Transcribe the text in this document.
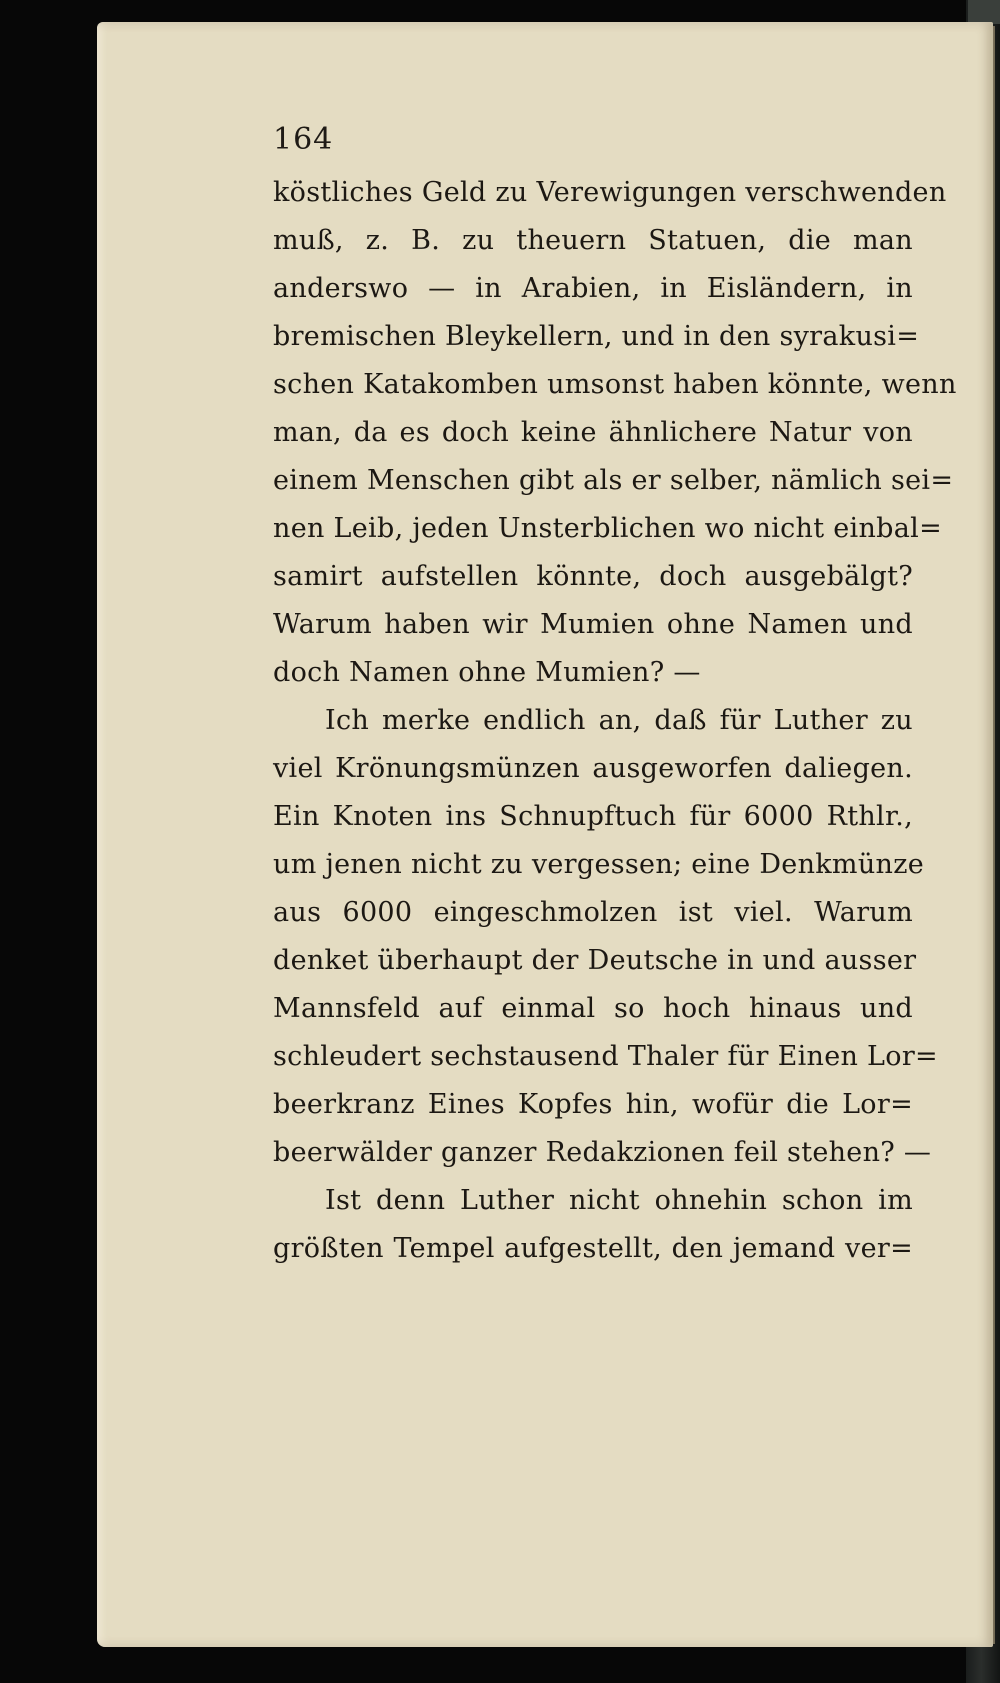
164
köstliches Geld zu Verewigungen verschwenden
muß, z. B. zu theuern Statuen, die man
anderswo — in Arabien, in Eisländern, in
bremischen Bleykellern, und in den syrakusi=
schen Katakomben umsonst haben könnte, wenn
man, da es doch keine ähnlichere Natur von
einem Menschen gibt als er selber, nämlich sei=
nen Leib, jeden Unsterblichen wo nicht einbal=
samirt aufstellen könnte, doch ausgebälgt?
Warum haben wir Mumien ohne Namen und
doch Namen ohne Mumien? —
Ich merke endlich an, daß für Luther zu
viel Krönungsmünzen ausgeworfen daliegen.
Ein Knoten ins Schnupftuch für 6000 Rthlr.,
um jenen nicht zu vergessen; eine Denkmünze
aus 6000 eingeschmolzen ist viel. Warum
denket überhaupt der Deutsche in und ausser
Mannsfeld auf einmal so hoch hinaus und
schleudert sechstausend Thaler für Einen Lor=
beerkranz Eines Kopfes hin, wofür die Lor=
beerwälder ganzer Redakzionen feil stehen? —
Ist denn Luther nicht ohnehin schon im
größten Tempel aufgestellt, den jemand ver=
